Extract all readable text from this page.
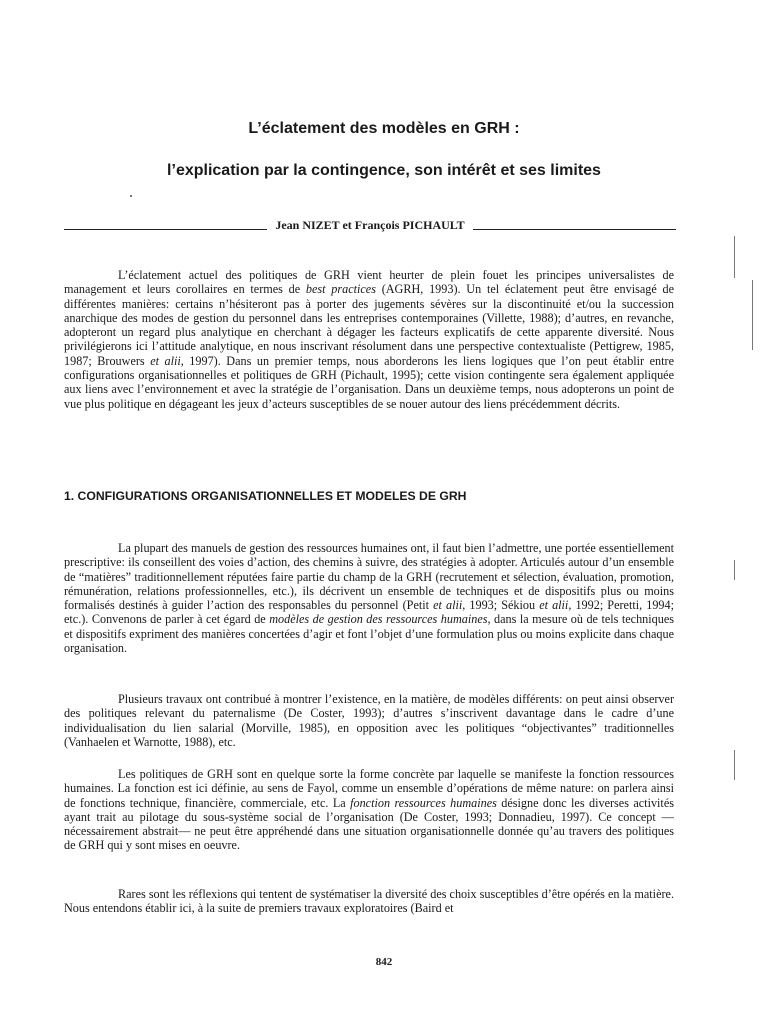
L’éclatement des modèles en GRH :
l’explication par la contingence, son intérêt et ses limites
Jean NIZET et François PICHAULT

L’éclatement actuel des politiques de GRH vient heurter de plein fouet les principes universalistes de management et leurs corollaires en termes de best practices (AGRH, 1993). Un tel éclatement peut être envisagé de différentes manières: certains n’hésiteront pas à porter des jugements sévères sur la discontinuité et/ou la succession anarchique des modes de gestion du personnel dans les entreprises contemporaines (Villette, 1988); d’autres, en revanche, adopteront un regard plus analytique en cherchant à dégager les facteurs explicatifs de cette apparente diversité. Nous privilégierons ici l’attitude analytique, en nous inscrivant résolument dans une perspective contextualiste (Pettigrew, 1985, 1987; Brouwers et alii, 1997). Dans un premier temps, nous aborderons les liens logiques que l’on peut établir entre configurations organisationnelles et politiques de GRH (Pichault, 1995); cette vision contingente sera également appliquée aux liens avec l’environnement et avec la stratégie de l’organisation. Dans un deuxième temps, nous adopterons un point de vue plus politique en dégageant les jeux d’acteurs susceptibles de se nouer autour des liens précédemment décrits.

1. CONFIGURATIONS ORGANISATIONNELLES ET MODELES DE GRH

La plupart des manuels de gestion des ressources humaines ont, il faut bien l’admettre, une portée essentiellement prescriptive: ils conseillent des voies d’action, des chemins à suivre, des stratégies à adopter. Articulés autour d’un ensemble de “matières” traditionnellement réputées faire partie du champ de la GRH (recrutement et sélection, évaluation, promotion, rémunération, relations professionnelles, etc.), ils décrivent un ensemble de techniques et de dispositifs plus ou moins formalisés destinés à guider l’action des responsables du personnel (Petit et alii, 1993; Sékiou et alii, 1992; Peretti, 1994; etc.). Convenons de parler à cet égard de modèles de gestion des ressources humaines, dans la mesure où de tels techniques et dispositifs expriment des manières concertées d’agir et font l’objet d’une formulation plus ou moins explicite dans chaque organisation.

Plusieurs travaux ont contribué à montrer l’existence, en la matière, de modèles différents: on peut ainsi observer des politiques relevant du paternalisme (De Coster, 1993); d’autres s’inscrivent davantage dans le cadre d’une individualisation du lien salarial (Morville, 1985), en opposition avec les politiques “objectivantes” traditionnelles (Vanhaelen et Warnotte, 1988), etc.

Les politiques de GRH sont en quelque sorte la forme concrète par laquelle se manifeste la fonction ressources humaines. La fonction est ici définie, au sens de Fayol, comme un ensemble d’opérations de même nature: on parlera ainsi de fonctions technique, financière, commerciale, etc. La fonction ressources humaines désigne donc les diverses activités ayant trait au pilotage du sous-système social de l’organisation (De Coster, 1993; Donnadieu, 1997). Ce concept —nécessairement abstrait— ne peut être appréhendé dans une situation organisationnelle donnée qu’au travers des politiques de GRH qui y sont mises en oeuvre.

Rares sont les réflexions qui tentent de systématiser la diversité des choix susceptibles d’être opérés en la matière. Nous entendons établir ici, à la suite de premiers travaux exploratoires (Baird et

842
